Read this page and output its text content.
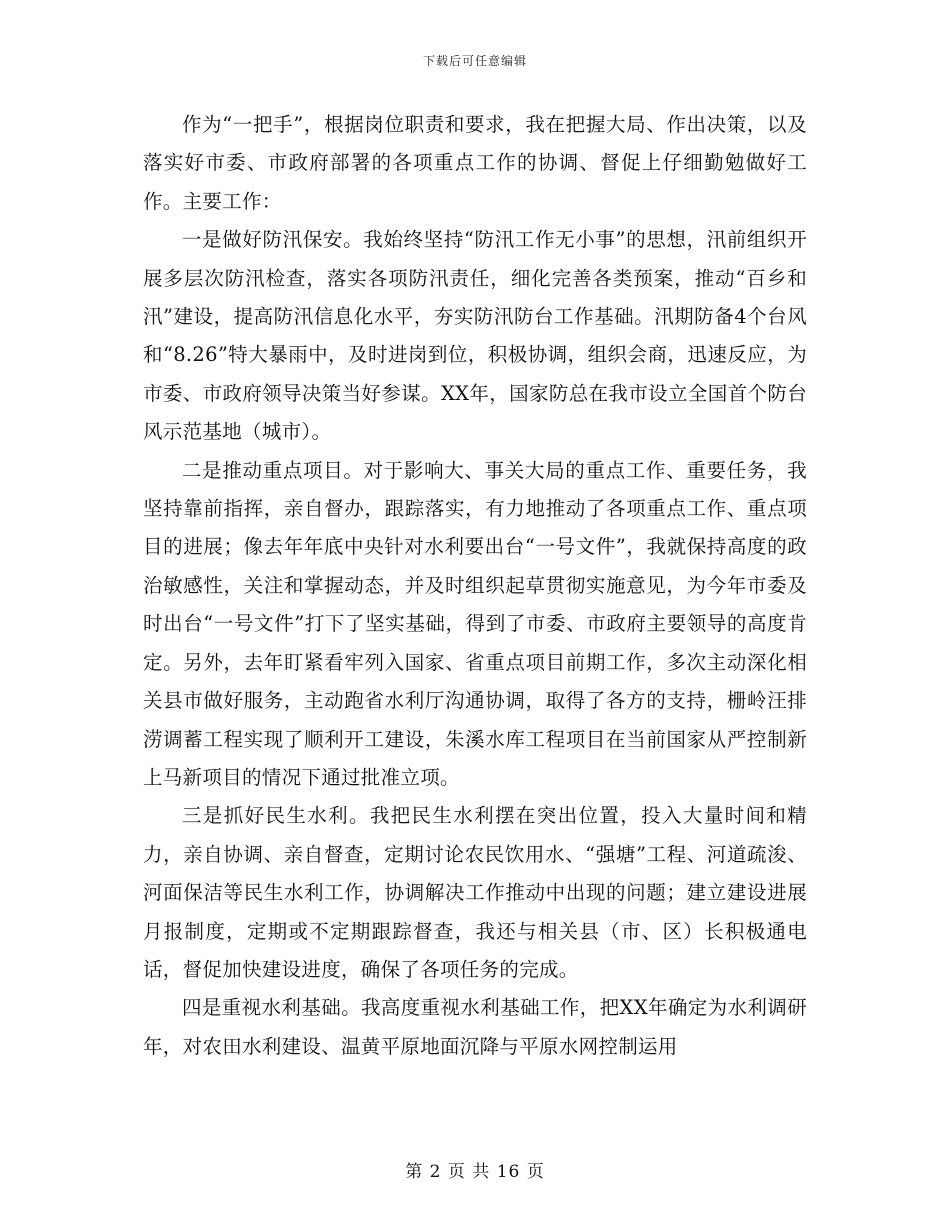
下载后可任意编辑

作为“一把手”，根据岗位职责和要求，我在把握大局、作出决策，以及落实好市委、市政府部署的各项重点工作的协调、督促上仔细勤勉做好工作。主要工作：

一是做好防汛保安。我始终坚持“防汛工作无小事”的思想，汛前组织开展多层次防汛检查，落实各项防汛责任，细化完善各类预案，推动“百乡和汛”建设，提高防汛信息化水平，夯实防汛防台工作基础。汛期防备4个台风和“8.26”特大暴雨中，及时进岗到位，积极协调，组织会商，迅速反应，为市委、市政府领导决策当好参谋。XX年，国家防总在我市设立全国首个防台风示范基地（城市）。

二是推动重点项目。对于影响大、事关大局的重点工作、重要任务，我坚持靠前指挥，亲自督办，跟踪落实，有力地推动了各项重点工作、重点项目的进展；像去年年底中央针对水利要出台“一号文件”，我就保持高度的政治敏感性，关注和掌握动态，并及时组织起草贯彻实施意见，为今年市委及时出台“一号文件”打下了坚实基础，得到了市委、市政府主要领导的高度肯定。另外，去年盯紧看牢列入国家、省重点项目前期工作，多次主动深化相关县市做好服务，主动跑省水利厅沟通协调，取得了各方的支持，栅岭汪排涝调蓄工程实现了顺利开工建设，朱溪水库工程项目在当前国家从严控制新上马新项目的情况下通过批准立项。

三是抓好民生水利。我把民生水利摆在突出位置，投入大量时间和精力，亲自协调、亲自督查，定期讨论农民饮用水、“强塘”工程、河道疏浚、河面保洁等民生水利工作，协调解决工作推动中出现的问题；建立建设进展月报制度，定期或不定期跟踪督查，我还与相关县（市、区）长积极通电话，督促加快建设进度，确保了各项任务的完成。

四是重视水利基础。我高度重视水利基础工作，把XX年确定为水利调研年，对农田水利建设、温黄平原地面沉降与平原水网控制运用

第 2 页 共 16 页
